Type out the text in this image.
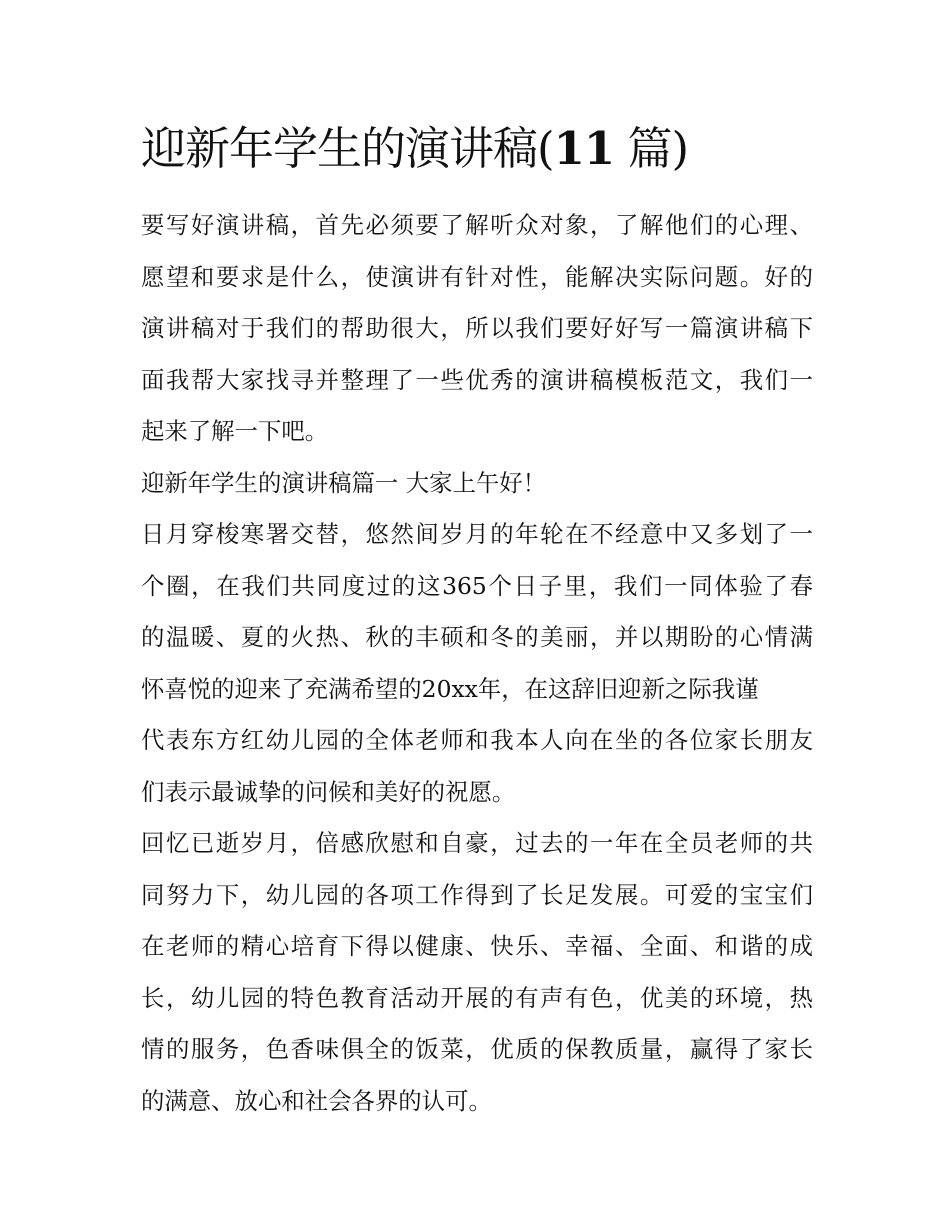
迎新年学生的演讲稿(11 篇)

要写好演讲稿，首先必须要了解听众对象，了解他们的心理、
愿望和要求是什么，使演讲有针对性，能解决实际问题。好的
演讲稿对于我们的帮助很大，所以我们要好好写一篇演讲稿下
面我帮大家找寻并整理了一些优秀的演讲稿模板范文，我们一
起来了解一下吧。

迎新年学生的演讲稿篇一 大家上午好！

日月穿梭寒署交替，悠然间岁月的年轮在不经意中又多划了一
个圈，在我们共同度过的这365个日子里，我们一同体验了春
的温暖、夏的火热、秋的丰硕和冬的美丽，并以期盼的心情满
怀喜悦的迎来了充满希望的20xx年，在这辞旧迎新之际我谨
代表东方红幼儿园的全体老师和我本人向在坐的各位家长朋友
们表示最诚挚的问候和美好的祝愿。

回忆已逝岁月，倍感欣慰和自豪，过去的一年在全员老师的共
同努力下，幼儿园的各项工作得到了长足发展。可爱的宝宝们
在老师的精心培育下得以健康、快乐、幸福、全面、和谐的成
长，幼儿园的特色教育活动开展的有声有色，优美的环境，热
情的服务，色香味俱全的饭菜，优质的保教质量，赢得了家长
的满意、放心和社会各界的认可。
